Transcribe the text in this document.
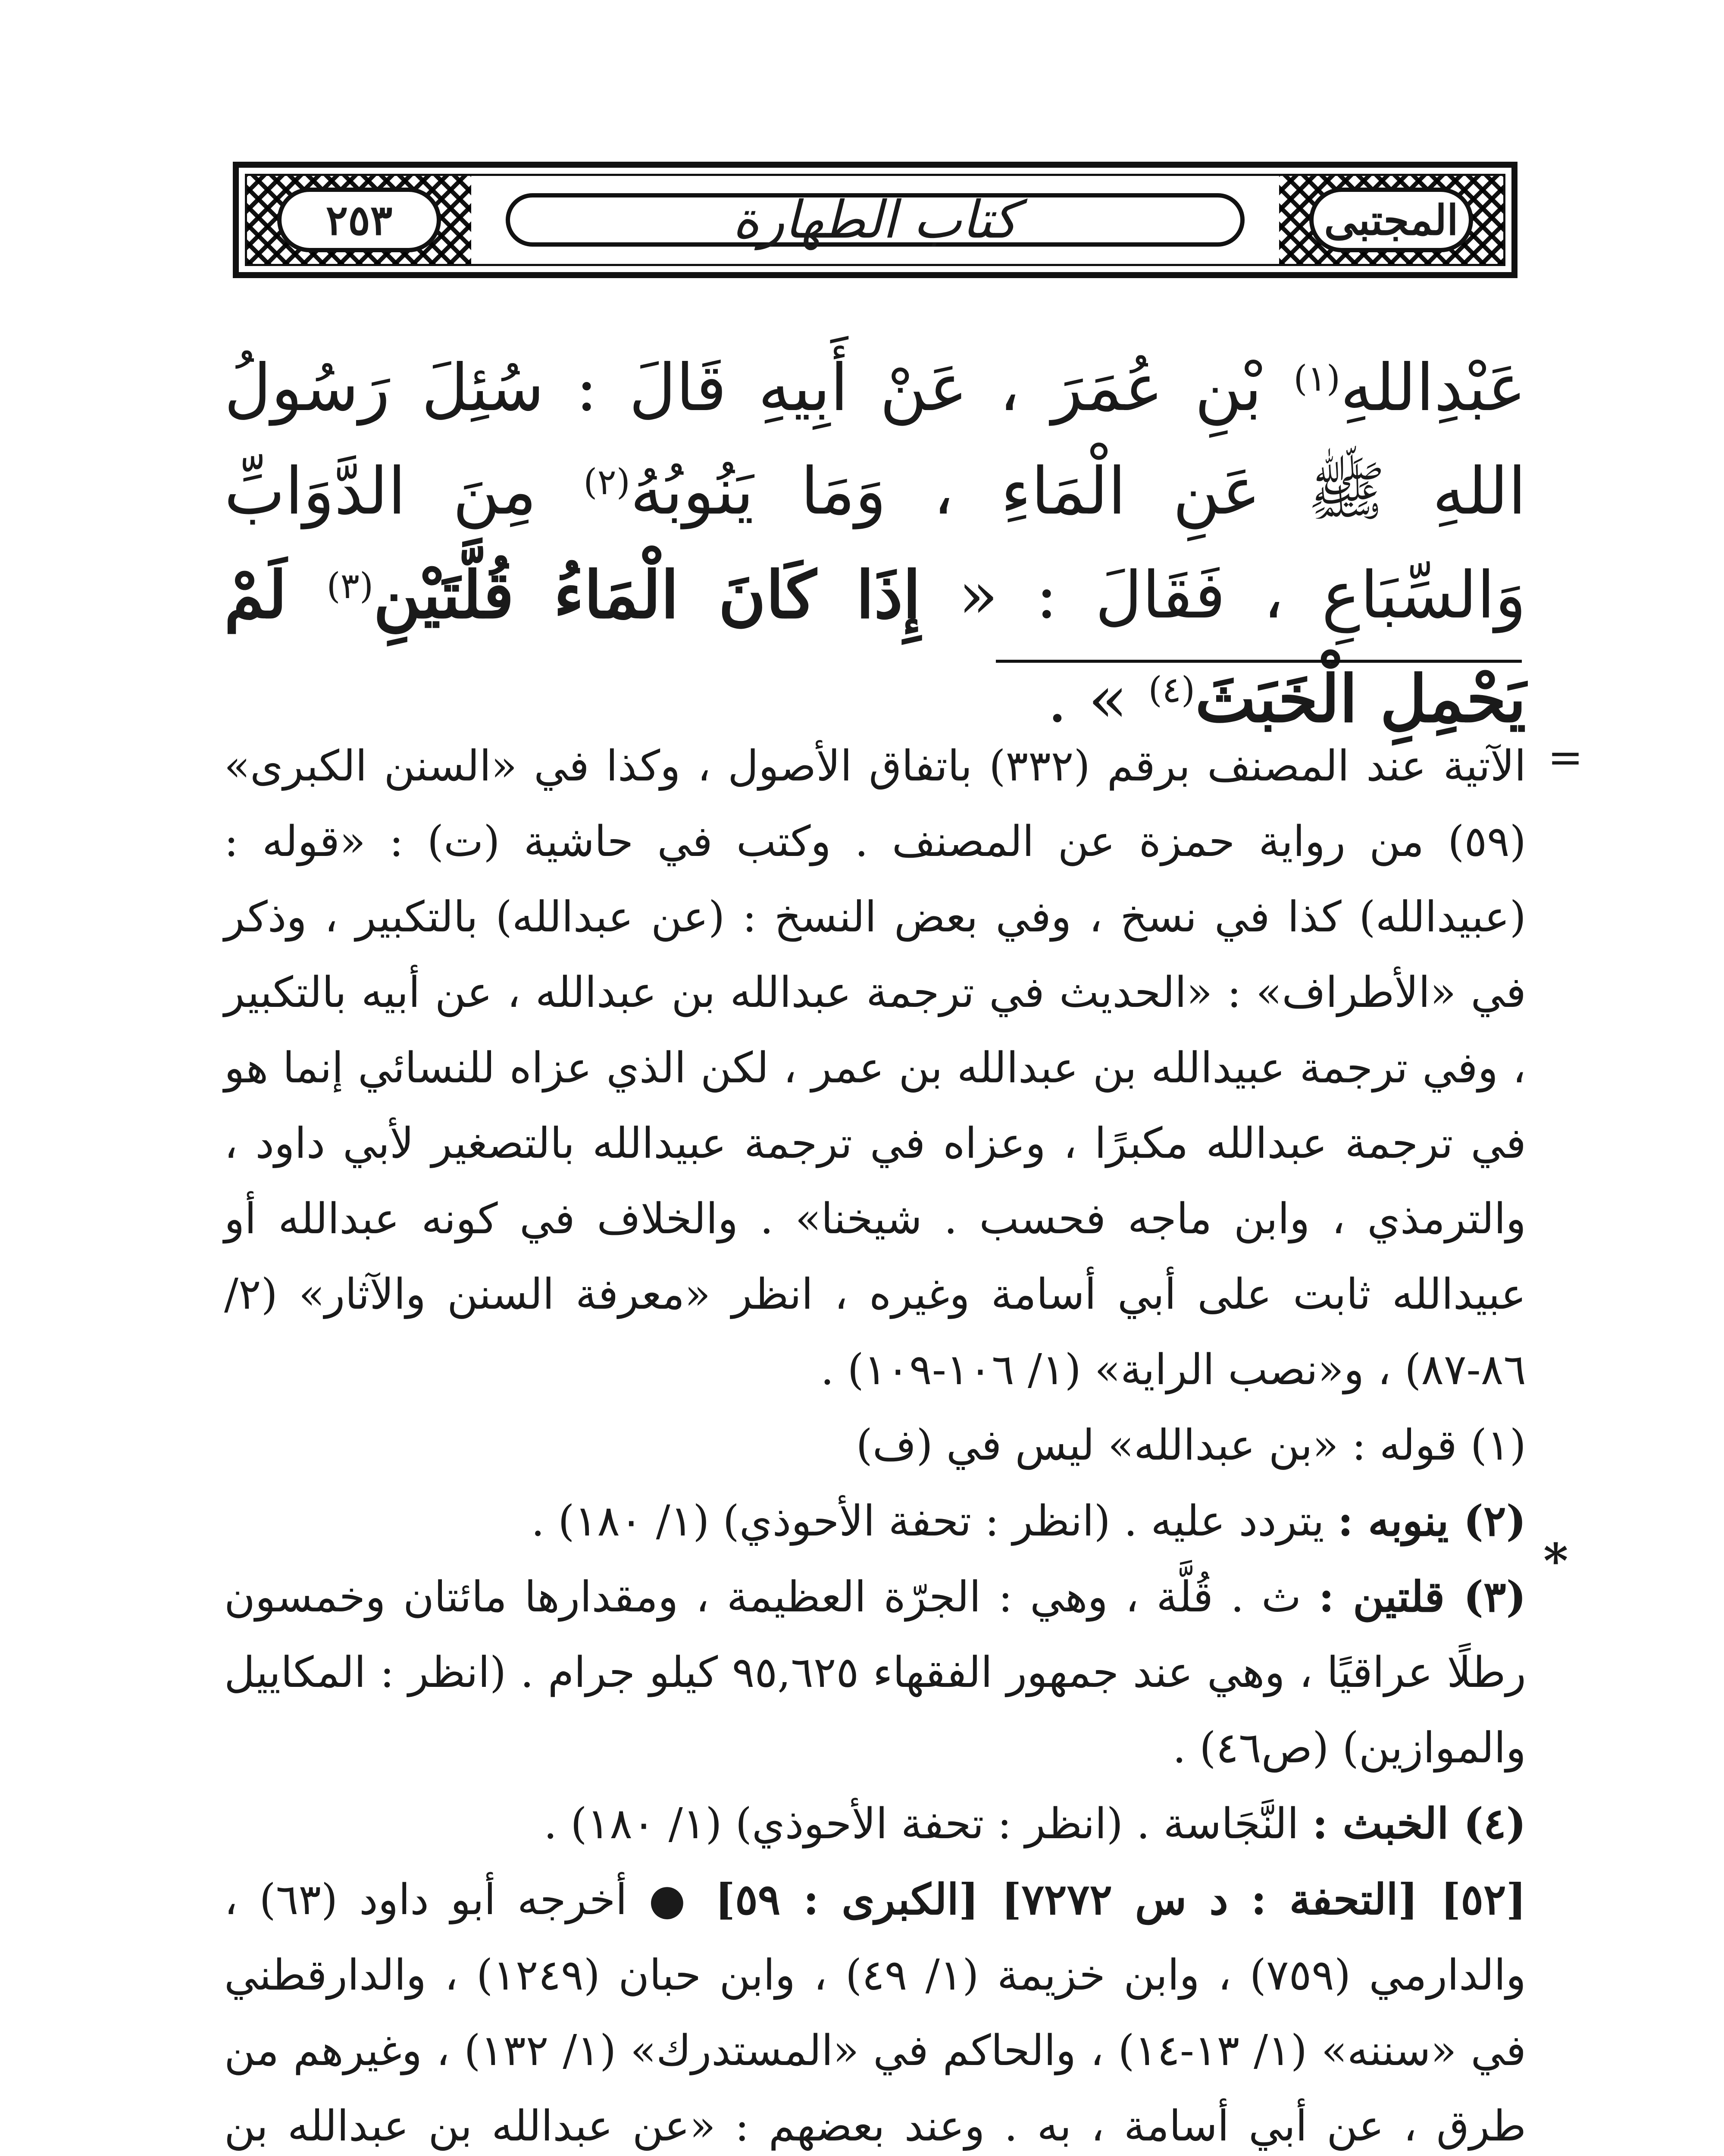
٢٥٣	كتاب الطهارة	المجتبى

عَبْدِاللهِ$^{(١)}$ بْنِ عُمَرَ ، عَنْ أَبِيهِ قَالَ : سُئِلَ رَسُولُ اللهِ ﷺ عَنِ الْمَاءِ ، وَمَا يَنُوبُهُ$^{(٢)}$ مِنَ الدَّوَابِّ وَالسِّبَاعِ ، فَقَالَ : « إِذَا كَانَ الْمَاءُ قُلَّتَيْنِ$^{(٣)}$ لَمْ يَحْمِلِ الْخَبَثَ$^{(٤)}$ » .

=
*

الآتية عند المصنف برقم (٣٣٢) باتفاق الأصول ، وكذا في «السنن الكبرى» (٥٩) من رواية حمزة عن المصنف . وكتب في حاشية (ت) : «قوله : (عبيدالله) كذا في نسخ ، وفي بعض النسخ : (عن عبدالله) بالتكبير ، وذكر في «الأطراف» : «الحديث في ترجمة عبدالله بن عبدالله ، عن أبيه بالتكبير ، وفي ترجمة عبيدالله بن عبدالله بن عمر ، لكن الذي عزاه للنسائي إنما هو في ترجمة عبدالله مكبرًا ، وعزاه في ترجمة عبيدالله بالتصغير لأبي داود ، والترمذي ، وابن ماجه فحسب . شيخنا» . والخلاف في كونه عبدالله أو عبيدالله ثابت على أبي أسامة وغيره ، انظر «معرفة السنن والآثار» (٢/ ٨٦-٨٧) ، و«نصب الراية» (١/ ١٠٦-١٠٩) .

(١) قوله : «بن عبدالله» ليس في (ف)

(٢) ينوبه : يتردد عليه . (انظر : تحفة الأحوذي) (١/ ١٨٠) .

(٣) قلتين : ث . قُلَّة ، وهي : الجرّة العظيمة ، ومقدارها مائتان وخمسون رطلًا عراقيًا ، وهي عند جمهور الفقهاء ٩٥,٦٢٥ كيلو جرام . (انظر : المكاييل والموازين) (ص٤٦) .

(٤) الخبث : النَّجَاسة . (انظر : تحفة الأحوذي) (١/ ١٨٠) .

[٥٢] [التحفة : د س ٧٢٧٢] [الكبرى : ٥٩] ● أخرجه أبو داود (٦٣) ، والدارمي (٧٥٩) ، وابن خزيمة (١/ ٤٩) ، وابن حبان (١٢٤٩) ، والدارقطني في «سننه» (١/ ١٣-١٤) ، والحاكم في «المستدرك» (١/ ١٣٢) ، وغيرهم من طرق ، عن أبي أسامة ، به . وعند بعضهم : «عن عبدالله بن عبدالله بن
